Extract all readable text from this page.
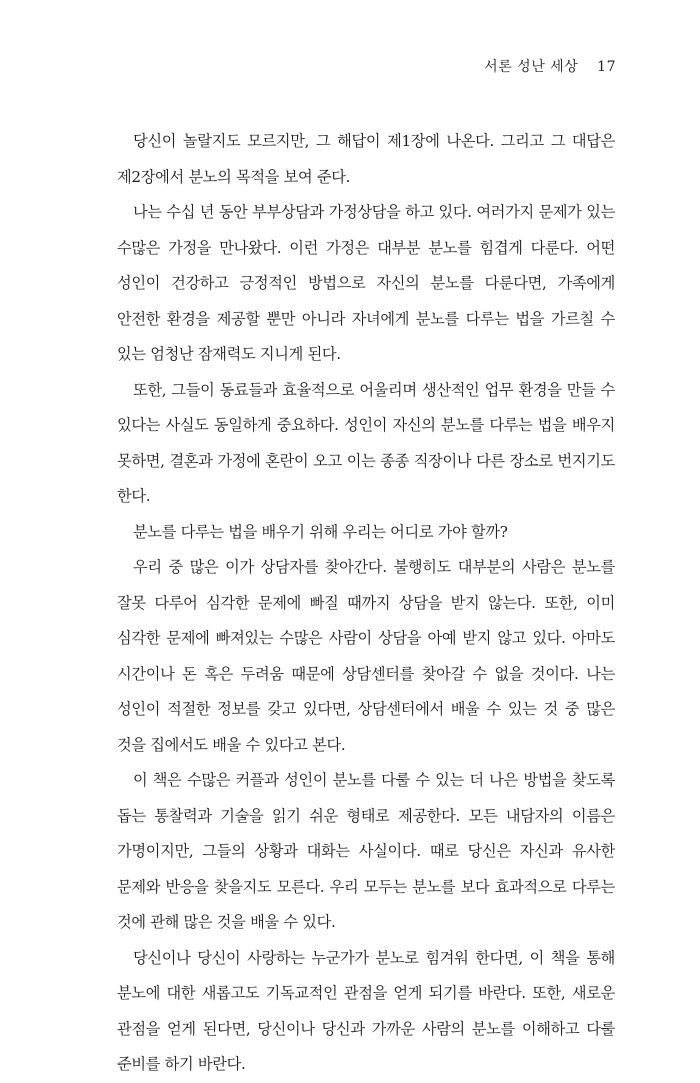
서론 성난 세상 17

당신이 놀랄지도 모르지만, 그 해답이 제1장에 나온다. 그리고 그 대답은 제2장에서 분노의 목적을 보여 준다.

나는 수십 년 동안 부부상담과 가정상담을 하고 있다. 여러가지 문제가 있는 수많은 가정을 만나왔다. 이런 가정은 대부분 분노를 힘겹게 다룬다. 어떤 성인이 건강하고 긍정적인 방법으로 자신의 분노를 다룬다면, 가족에게 안전한 환경을 제공할 뿐만 아니라 자녀에게 분노를 다루는 법을 가르칠 수 있는 엄청난 잠재력도 지니게 된다.

또한, 그들이 동료들과 효율적으로 어울리며 생산적인 업무 환경을 만들 수 있다는 사실도 동일하게 중요하다. 성인이 자신의 분노를 다루는 법을 배우지 못하면, 결혼과 가정에 혼란이 오고 이는 종종 직장이나 다른 장소로 번지기도 한다.

분노를 다루는 법을 배우기 위해 우리는 어디로 가야 할까?

우리 중 많은 이가 상담자를 찾아간다. 불행히도 대부분의 사람은 분노를 잘못 다루어 심각한 문제에 빠질 때까지 상담을 받지 않는다. 또한, 이미 심각한 문제에 빠져있는 수많은 사람이 상담을 아예 받지 않고 있다. 아마도 시간이나 돈 혹은 두려움 때문에 상담센터를 찾아갈 수 없을 것이다. 나는 성인이 적절한 정보를 갖고 있다면, 상담센터에서 배울 수 있는 것 중 많은 것을 집에서도 배울 수 있다고 본다.

이 책은 수많은 커플과 성인이 분노를 다룰 수 있는 더 나은 방법을 찾도록 돕는 통찰력과 기술을 읽기 쉬운 형태로 제공한다. 모든 내담자의 이름은 가명이지만, 그들의 상황과 대화는 사실이다. 때로 당신은 자신과 유사한 문제와 반응을 찾을지도 모른다. 우리 모두는 분노를 보다 효과적으로 다루는 것에 관해 많은 것을 배울 수 있다.

당신이나 당신이 사랑하는 누군가가 분노로 힘겨워 한다면, 이 책을 통해 분노에 대한 새롭고도 기독교적인 관점을 얻게 되기를 바란다. 또한, 새로운 관점을 얻게 된다면, 당신이나 당신과 가까운 사람의 분노를 이해하고 다룰 준비를 하기 바란다.
